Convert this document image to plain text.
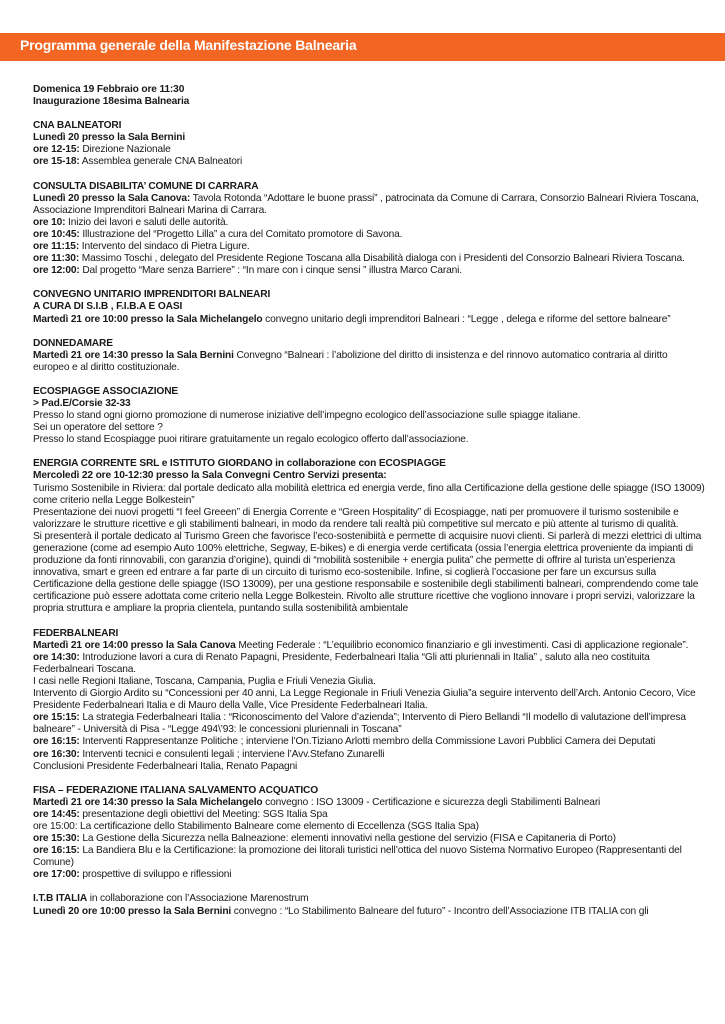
Programma generale della Manifestazione Balnearia

Domenica 19 Febbraio ore 11:30

Inaugurazione 18esima Balnearia

CNA BALNEATORI

Lunedì 20 presso la Sala Bernini

ore 12-15: Direzione Nazionale

ore 15-18: Assemblea generale CNA Balneatori

CONSULTA DISABILITA’ COMUNE DI CARRARA

Lunedì 20 presso la Sala Canova: Tavola Rotonda “Adottare le buone prassi” , patrocinata da Comune di Carrara, Consorzio Balneari Riviera Toscana, Associazione Imprenditori Balneari Marina di Carrara.

ore 10: Inizio dei lavori e saluti delle autorità.

ore 10:45: Illustrazione del “Progetto Lilla” a cura del Comitato promotore di Savona.

ore 11:15: Intervento del sindaco di Pietra Ligure.

ore 11:30: Massimo Toschi , delegato del Presidente Regione Toscana alla Disabilità dialoga con i Presidenti del Consorzio Balneari Riviera Toscana.

ore 12:00: Dal progetto “Mare senza Barriere” : “In mare con i cinque sensi ” illustra Marco Carani.

CONVEGNO UNITARIO IMPRENDITORI BALNEARI

A CURA DI S.I.B , F.I.B.A E OASI

Martedì 21 ore 10:00 presso la Sala Michelangelo convegno unitario degli imprenditori Balneari : “Legge , delega e riforme del settore balneare”

DONNEDAMARE

Martedì 21 ore 14:30 presso la Sala Bernini Convegno “Balneari : l’abolizione del diritto di insistenza e del rinnovo automatico contraria al diritto europeo e al diritto costituzionale.

ECOSPIAGGE ASSOCIAZIONE

> Pad.E/Corsie 32-33

Presso lo stand ogni giorno promozione di numerose iniziative dell’impegno ecologico dell’associazione sulle spiagge italiane.

Sei un operatore del settore ?

Presso lo stand Ecospiagge puoi ritirare gratuitamente un regalo ecologico offerto dall’associazione.

ENERGIA CORRENTE SRL e ISTITUTO GIORDANO in collaborazione con ECOSPIAGGE

Mercoledì 22 ore 10-12:30 presso la Sala Convegni Centro Servizi presenta:

Turismo Sostenibile in Riviera: dal portale dedicato alla mobilità elettrica ed energia verde, fino alla Certificazione della gestione delle spiagge (ISO 13009) come criterio nella Legge Bolkestein”

Presentazione dei nuovi progetti “I feel Greeen” di Energia Corrente e “Green Hospitality” di Ecospiagge, nati per promuovere il turismo sostenibile e valorizzare le strutture ricettive e gli stabilimenti balneari, in modo da rendere tali realtà più competitive sul mercato e più attente al turismo di qualità.

Si presenterà il portale dedicato al Turismo Green che favorisce l’eco-sostenibiità e permette di acquisire nuovi clienti. Si parlerà di mezzi elettrici di ultima generazione (come ad esempio Auto 100% elettriche, Segway, E-bikes) e di energia verde certificata (ossia l’energia elettrica proveniente da impianti di produzione da fonti rinnovabili, con garanzia d’origine), quindi di “mobilità sostenibile + energia pulita” che permette di offrire al turista un’esperienza innovativa, smart e green ed entrare a far parte di un circuito di turismo eco-sostenibile. Infine, si coglierà l’occasione per fare un excursus sulla Certificazione della gestione delle spiagge (ISO 13009), per una gestione responsabile e sostenibile degli stabilimenti balneari, comprendendo come tale certificazione può essere adottata come criterio nella Legge Bolkestein. Rivolto alle strutture ricettive che vogliono innovare i propri servizi, valorizzare la propria struttura e ampliare la propria clientela, puntando sulla sostenibilità ambientale

FEDERBALNEARI

Martedì 21 ore 14:00 presso la Sala Canova Meeting Federale : “L’equilibrio economico finanziario e gli investimenti. Casi di applicazione regionale”.

ore 14:30: Introduzione lavori a cura di Renato Papagni, Presidente, Federbalneari Italia “Gli atti pluriennali in Italia” , saluto alla neo costituita Federbalneari Toscana.

I casi nelle Regioni Italiane, Toscana, Campania, Puglia e Friuli Venezia Giulia.

Intervento di Giorgio Ardito su “Concessioni per 40 anni, La Legge Regionale in Friuli Venezia Giulia”a seguire intervento dell’Arch. Antonio Cecoro, Vice Presidente Federbalneari Italia e di Mauro della Valle, Vice Presidente Federbalneari Italia.

ore 15:15: La strategia Federbalneari Italia : “Riconoscimento del Valore d’azienda”; Intervento di Piero Bellandi “Il modello di valutazione dell’impresa balneare” - Università di Pisa - “Legge 494\’93: le concessioni pluriennali in Toscana”

ore 16:15: Interventi Rappresentanze Politiche ; interviene l’On.Tiziano Arlotti membro della Commissione Lavori Pubblici Camera dei Deputati

ore 16:30: Interventi tecnici e consulenti legali ; interviene l’Avv.Stefano Zunarelli

Conclusioni Presidente Federbalneari Italia, Renato Papagni

FISA – FEDERAZIONE ITALIANA SALVAMENTO ACQUATICO

Martedì 21 ore 14:30 presso la Sala Michelangelo convegno : ISO 13009 - Certificazione e sicurezza degli Stabilimenti Balneari

ore 14:45: presentazione degli obiettivi del Meeting: SGS Italia Spa

ore 15:00: La certificazione dello Stabilimento Balneare come elemento di Eccellenza (SGS Italia Spa)

ore 15:30: La Gestione della Sicurezza nella Balneazione: elementi innovativi nella gestione del servizio (FISA e Capitaneria di Porto)

ore 16:15: La Bandiera Blu e la Certificazione: la promozione dei litorali turistici nell’ottica del nuovo Sistema Normativo Europeo (Rappresentanti del Comune)

ore 17:00: prospettive di sviluppo e riflessioni

I.T.B ITALIA in collaborazione con l’Associazione Marenostrum

Lunedì 20 ore 10:00 presso la Sala Bernini convegno : “Lo Stabilimento Balneare del futuro” - Incontro dell’Associazione ITB ITALIA con gli
